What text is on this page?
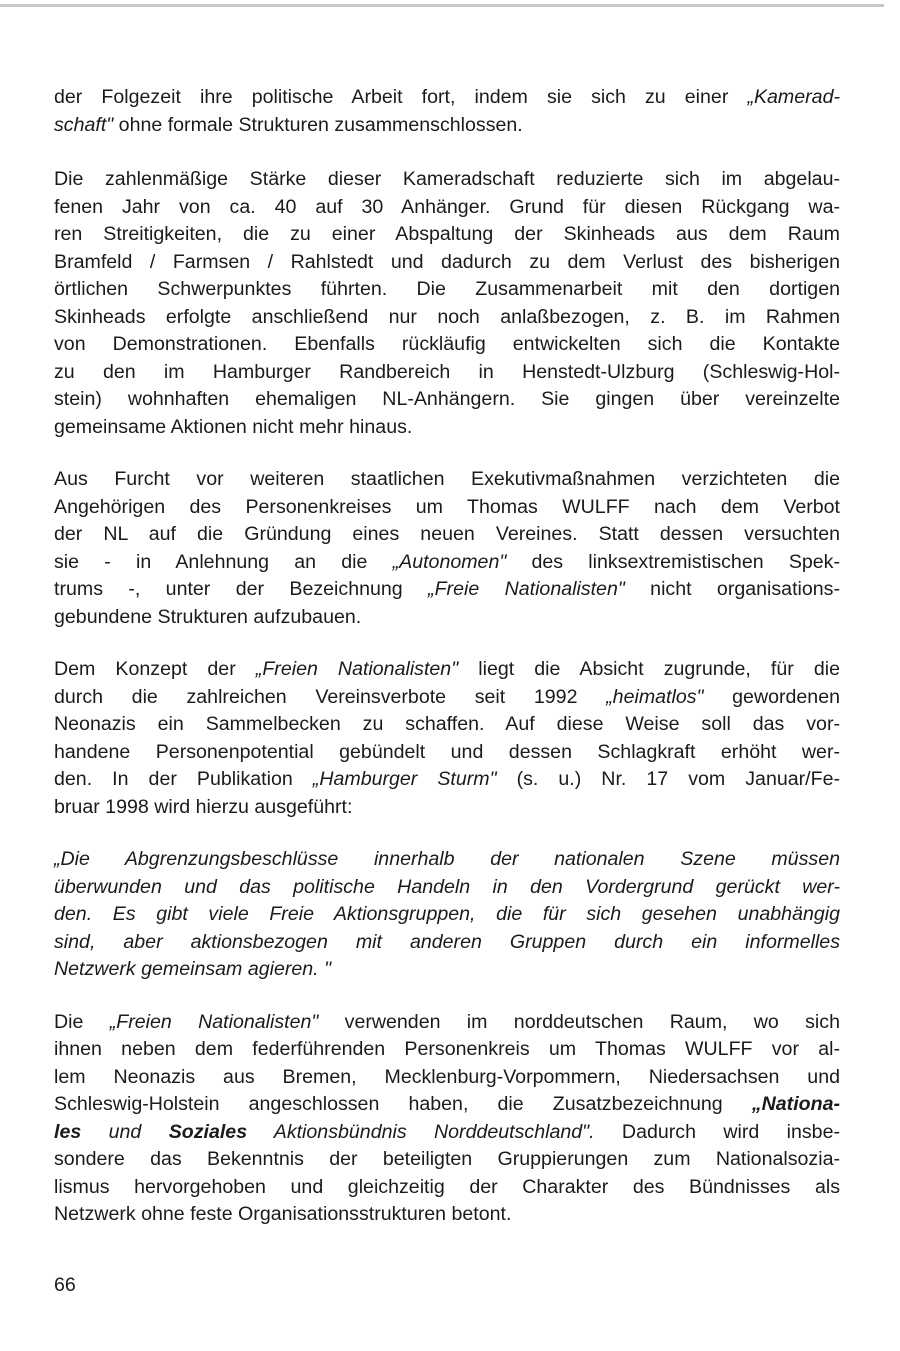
der Folgezeit ihre politische Arbeit fort, indem sie sich zu einer „Kamerad-
schaft" ohne formale Strukturen zusammenschlossen.

Die zahlenmäßige Stärke dieser Kameradschaft reduzierte sich im abgelau-
fenen Jahr von ca. 40 auf 30 Anhänger. Grund für diesen Rückgang wa-
ren Streitigkeiten, die zu einer Abspaltung der Skinheads aus dem Raum
Bramfeld / Farmsen / Rahlstedt und dadurch zu dem Verlust des bisherigen
örtlichen Schwerpunktes führten. Die Zusammenarbeit mit den dortigen
Skinheads erfolgte anschließend nur noch anlaßbezogen, z. B. im Rahmen
von Demonstrationen. Ebenfalls rückläufig entwickelten sich die Kontakte
zu den im Hamburger Randbereich in Henstedt-Ulzburg (Schleswig-Hol-
stein) wohnhaften ehemaligen NL-Anhängern. Sie gingen über vereinzelte
gemeinsame Aktionen nicht mehr hinaus.

Aus Furcht vor weiteren staatlichen Exekutivmaßnahmen verzichteten die
Angehörigen des Personenkreises um Thomas WULFF nach dem Verbot
der NL auf die Gründung eines neuen Vereines. Statt dessen versuchten
sie - in Anlehnung an die „Autonomen" des linksextremistischen Spek-
trums -, unter der Bezeichnung „Freie Nationalisten" nicht organisations-
gebundene Strukturen aufzubauen.

Dem Konzept der „Freien Nationalisten" liegt die Absicht zugrunde, für die
durch die zahlreichen Vereinsverbote seit 1992 „heimatlos" gewordenen
Neonazis ein Sammelbecken zu schaffen. Auf diese Weise soll das vor-
handene Personenpotential gebündelt und dessen Schlagkraft erhöht wer-
den. In der Publikation „Hamburger Sturm" (s. u.) Nr. 17 vom Januar/Fe-
bruar 1998 wird hierzu ausgeführt:

„Die Abgrenzungsbeschlüsse innerhalb der nationalen Szene müssen
überwunden und das politische Handeln in den Vordergrund gerückt wer-
den. Es gibt viele Freie Aktionsgruppen, die für sich gesehen unabhängig
sind, aber aktionsbezogen mit anderen Gruppen durch ein informelles
Netzwerk gemeinsam agieren. "

Die „Freien Nationalisten" verwenden im norddeutschen Raum, wo sich
ihnen neben dem federführenden Personenkreis um Thomas WULFF vor al-
lem Neonazis aus Bremen, Mecklenburg-Vorpommern, Niedersachsen und
Schleswig-Holstein angeschlossen haben, die Zusatzbezeichnung „Nationa-
les und Soziales Aktionsbündnis Norddeutschland". Dadurch wird insbe-
sondere das Bekenntnis der beteiligten Gruppierungen zum Nationalsozia-
lismus hervorgehoben und gleichzeitig der Charakter des Bündnisses als
Netzwerk ohne feste Organisationsstrukturen betont.

66
